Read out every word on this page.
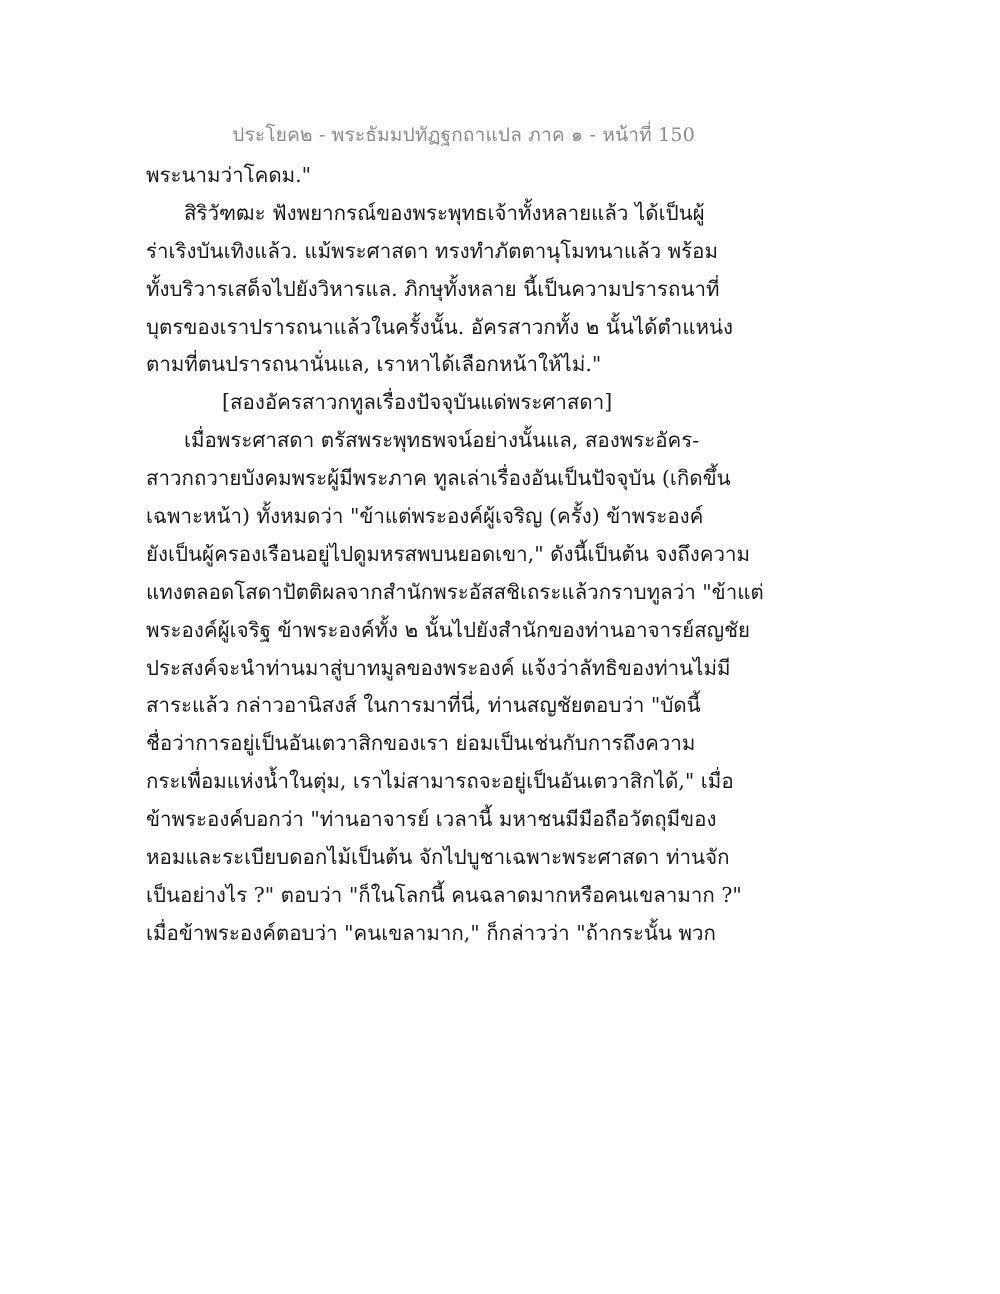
ประโยค๒ - พระธัมมปทัฏฐกถาแปล ภาค ๑ - หน้าที่ 150
พระนามว่าโคดม."
สิริวัฑฒะ ฟังพยากรณ์ของพระพุทธเจ้าทั้งหลายแล้ว ได้เป็นผู้
ร่าเริงบันเทิงแล้ว. แม้พระศาสดา ทรงทำภัตตานุโมทนาแล้ว พร้อม
ทั้งบริวารเสด็จไปยังวิหารแล. ภิกษุทั้งหลาย นี้เป็นความปรารถนาที่
บุตรของเราปรารถนาแล้วในครั้งนั้น. อัครสาวกทั้ง ๒ นั้นได้ตำแหน่ง
ตามที่ตนปรารถนานั่นแล, เราหาได้เลือกหน้าให้ไม่."
[สองอัครสาวกทูลเรื่องปัจจุบันแด่พระศาสดา]
เมื่อพระศาสดา ตรัสพระพุทธพจน์อย่างนั้นแล, สองพระอัคร-
สาวกถวายบังคมพระผู้มีพระภาค ทูลเล่าเรื่องอันเป็นปัจจุบัน (เกิดขึ้น
เฉพาะหน้า) ทั้งหมดว่า "ข้าแต่พระองค์ผู้เจริญ (ครั้ง) ข้าพระองค์
ยังเป็นผู้ครองเรือนอยู่ไปดูมหรสพบนยอดเขา," ดังนี้เป็นต้น จงถึงความ
แทงตลอดโสดาปัตติผลจากสำนักพระอัสสชิเถระแล้วกราบทูลว่า "ข้าแต่
พระองค์ผู้เจริฐ ข้าพระองค์ทั้ง ๒ นั้นไปยังสำนักของท่านอาจารย์สญชัย
ประสงค์จะนำท่านมาสู่บาทมูลของพระองค์ แจ้งว่าลัทธิของท่านไม่มี
สาระแล้ว กล่าวอานิสงส์ ในการมาที่นี่, ท่านสญชัยตอบว่า "บัดนี้
ชื่อว่าการอยู่เป็นอันเตวาสิกของเรา ย่อมเป็นเช่นกับการถึงความ
กระเพื่อมแห่งน้ำในตุ่ม, เราไม่สามารถจะอยู่เป็นอันเตวาสิกได้," เมื่อ
ข้าพระองค์บอกว่า "ท่านอาจารย์ เวลานี้ มหาชนมีมือถือวัตถุมีของ
หอมและระเบียบดอกไม้เป็นต้น จักไปบูชาเฉพาะพระศาสดา ท่านจัก
เป็นอย่างไร ?" ตอบว่า "ก็ในโลกนี้ คนฉลาดมากหรือคนเขลามาก ?"
เมื่อข้าพระองค์ตอบว่า "คนเขลามาก," ก็กล่าวว่า "ถ้ากระนั้น พวก
